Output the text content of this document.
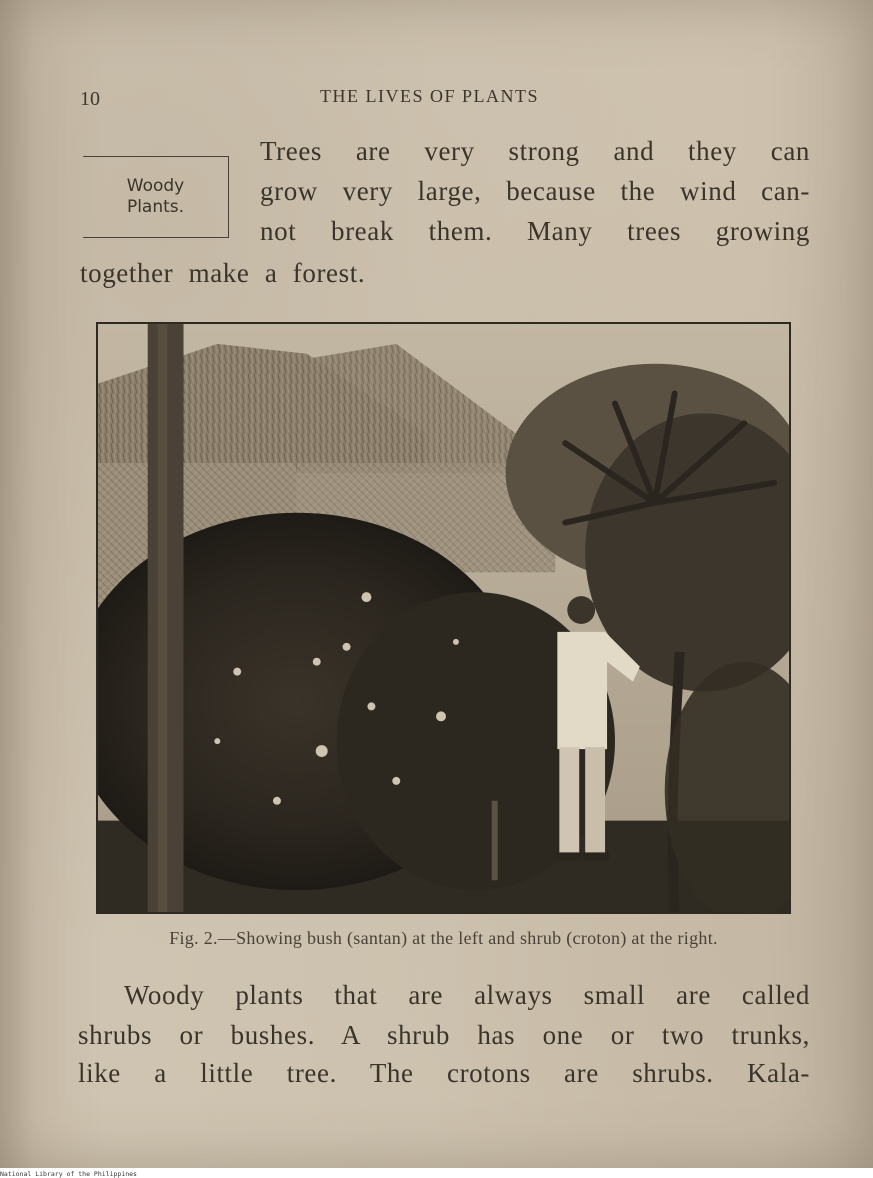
10	THE LIVES OF PLANTS
Woody
Plants.
Trees are very strong and they can
grow very large, because the wind can-
not break them. Many trees growing
together make a forest.
Fig. 2.—Showing bush (santan) at the left and shrub (croton) at the right.
Woody plants that are always small are called
shrubs or bushes. A shrub has one or two trunks,
like a little tree. The crotons are shrubs. Kala-
National Library of the Philippines
